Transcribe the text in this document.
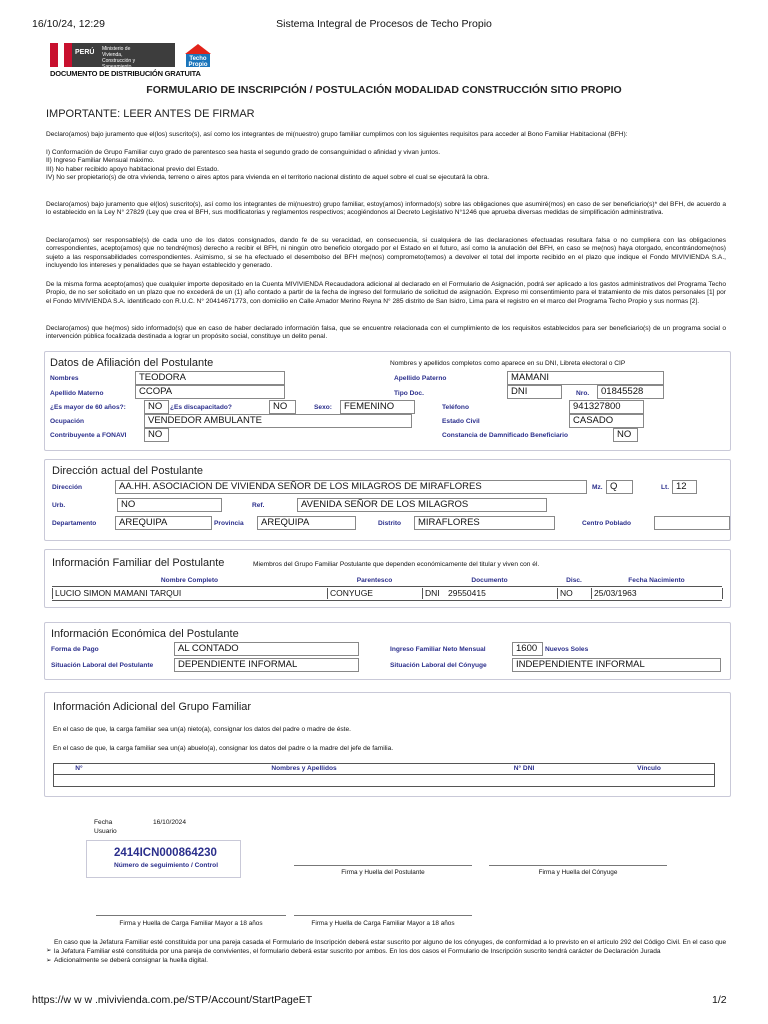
16/10/24, 12:29	Sistema Integral de Procesos de Techo Propio
PERÚ Ministerio de Vivienda, Construcción y Saneamiento
DOCUMENTO DE DISTRIBUCIÓN GRATUITA
Techo Propio
FORMULARIO DE INSCRIPCIÓN / POSTULACIÓN MODALIDAD CONSTRUCCIÓN SITIO PROPIO
IMPORTANTE: LEER ANTES DE FIRMAR
Declaro(amos) bajo juramento que el(los) suscrito(s), así como los integrantes de mi(nuestro) grupo familiar cumplimos con los siguientes requisitos para acceder al Bono Familiar Habitacional (BFH):
I) Conformación de Grupo Familiar cuyo grado de parentesco sea hasta el segundo grado de consanguinidad o afinidad y vivan juntos.
II) Ingreso Familiar Mensual máximo.
III) No haber recibido apoyo habitacional previo del Estado.
IV) No ser propietario(s) de otra vivienda, terreno o aires aptos para vivienda en el territorio nacional distinto de aquel sobre el cual se ejecutará la obra.
Declaro(amos) bajo juramento que el(los) suscrito(s), así como los integrantes de mi(nuestro) grupo familiar, estoy(amos) informado(s) sobre las obligaciones que asumiré(mos) en caso de ser beneficiario(s)* del BFH, de acuerdo a lo establecido en la Ley N° 27829 (Ley que crea el BFH, sus modificatorias y reglamentos respectivos; acogiéndonos al Decreto Legislativo N°1246 que aprueba diversas medidas de simplificación administrativa.
Declaro(amos) ser responsable(s) de cada uno de los datos consignados, dando fe de su veracidad, en consecuencia, si cualquiera de las declaraciones efectuadas resultara falsa o no cumpliera con las obligaciones correspondientes, acepto(amos) que no tendré(mos) derecho a recibir el BFH, ni ningún otro beneficio otorgado por el Estado en el futuro, así como la anulación del BFH, en caso se me(nos) haya otorgado, encontrándome(nos) sujeto a las responsabilidades correspondientes. Asimismo, si se ha efectuado el desembolso del BFH me(nos) comprometo(temos) a devolver el total del importe recibido en el plazo que indique el Fondo MIVIVIENDA S.A., incluyendo los intereses y penalidades que se hayan establecido y generado.
De la misma forma acepto(amos) que cualquier importe depositado en la Cuenta MIVIVIENDA Recaudadora adicional al declarado en el Formulario de Asignación, podrá ser aplicado a los gastos administrativos del Programa Techo Propio, de no ser solicitado en un plazo que no excederá de un (1) año contado a partir de la fecha de ingreso del formulario de solicitud de asignación. Expreso mi consentimiento para el tratamiento de mis datos personales [1] por el Fondo MIVIVIENDA S.A. identificado con R.U.C. N° 20414671773, con domicilio en Calle Amador Merino Reyna N° 285 distrito de San Isidro, Lima para el registro en el marco del Programa Techo Propio y sus normas [2].
Declaro(amos) que he(mos) sido informado(s) que en caso de haber declarado información falsa, que se encuentre relacionada con el cumplimiento de los requisitos establecidos para ser beneficiario(s) de un programa social o intervención pública focalizada destinada a lograr un propósito social, constituye un delito penal.
Datos de Afiliación del Postulante	Nombres y apellidos completos como aparece en su DNI, Libreta electoral o CIP
Nombres	TEODORA	Apellido Paterno	MAMANI
Apellido Materno	CCOPA	Tipo Doc.	DNI	Nro.	01845528
¿Es mayor de 60 años?:	NO	¿Es discapacitado?	NO	Sexo:	FEMENINO	Teléfono	941327800
Ocupación	VENDEDOR AMBULANTE	Estado Civil	CASADO
Contribuyente a FONAVI	NO	Constancia de Damnificado Beneficiario	NO
Dirección actual del Postulante
Dirección	AA.HH. ASOCIACION DE VIVIENDA SEÑOR DE LOS MILAGROS DE MIRAFLORES	Mz. Q	Lt. 12
Urb.	NO	Ref.	AVENIDA SEÑOR DE LOS MILAGROS
Departamento	AREQUIPA	Provincia	AREQUIPA	Distrito	MIRAFLORES	Centro Poblado
Información Familiar del Postulante	Miembros del Grupo Familiar Postulante que dependen económicamente del titular y viven con él.
Nombre Completo	Parentesco	Documento	Disc.	Fecha Nacimiento
LUCIO SIMON MAMANI TARQUI	CONYUGE	DNI 29550415	NO	25/03/1963
Información Económica del Postulante
Forma de Pago	AL CONTADO	Ingreso Familiar Neto Mensual	1600	Nuevos Soles
Situación Laboral del Postulante	DEPENDIENTE INFORMAL	Situación Laboral del Cónyuge	INDEPENDIENTE INFORMAL
Información Adicional del Grupo Familiar
En el caso de que, la carga familiar sea un(a) nieto(a), consignar los datos del padre o madre de éste.
En el caso de que, la carga familiar sea un(a) abuelo(a), consignar los datos del padre o la madre del jefe de familia.
N°	Nombres y Apellidos	N° DNI	Vínculo
Fecha	16/10/2024
Usuario
2414ICN000864230
Número de seguimiento / Control
Firma y Huella del Postulante	Firma y Huella del Cónyuge
Firma y Huella de Carga Familiar Mayor a 18 años	Firma y Huella de Carga Familiar Mayor a 18 años
➢
En caso que la Jefatura Familiar esté constituida por una pareja casada el Formulario de Inscripción deberá estar suscrito por alguno de los cónyuges, de conformidad a lo previsto en el artículo 292 del Código Civil. En el caso que la Jefatura Familiar esté constituida por una pareja de convivientes, el formulario deberá estar suscrito por ambos. En los dos casos el Formulario de Inscripción suscrito tendrá carácter de Declaración Jurada
➢ Adicionalmente se deberá consignar la huella digital.
https://w w w .mivivienda.com.pe/STP/Account/StartPageET	1/2
